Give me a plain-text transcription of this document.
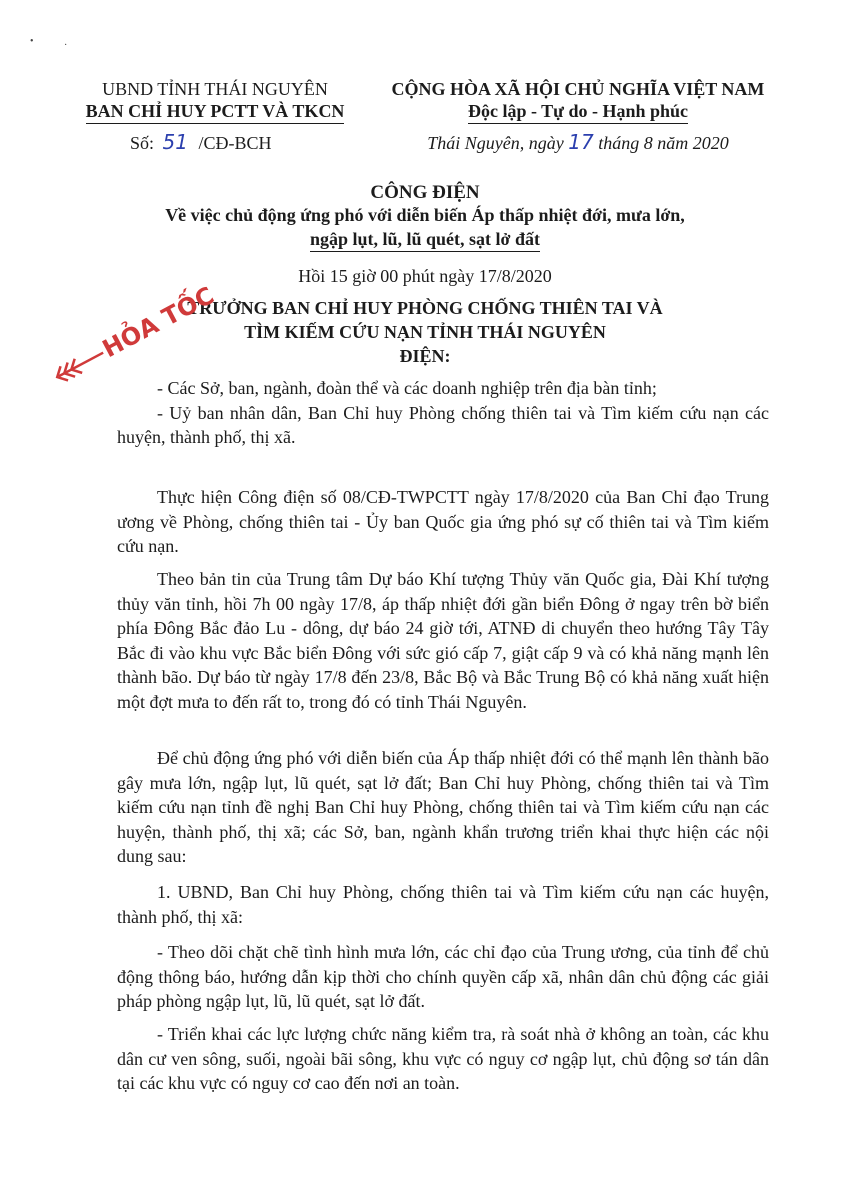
•	·
UBND TỈNH THÁI NGUYÊN
BAN CHỈ HUY PCTT VÀ TKCN
CỘNG HÒA XÃ HỘI CHỦ NGHĨA VIỆT NAM
Độc lập - Tự do - Hạnh phúc
Số: 51 /CĐ-BCH	Thái Nguyên, ngày 17 tháng 8 năm 2020
CÔNG ĐIỆN
Về việc chủ động ứng phó với diễn biến Áp thấp nhiệt đới, mưa lớn,
ngập lụt, lũ, lũ quét, sạt lở đất
Hồi 15 giờ 00 phút ngày 17/8/2020
TRƯỞNG BAN CHỈ HUY PHÒNG CHỐNG THIÊN TAI VÀ
TÌM KIẾM CỨU NẠN TỈNH THÁI NGUYÊN
ĐIỆN:
HỎA TỐC
- Các Sở, ban, ngành, đoàn thể và các doanh nghiệp trên địa bàn tỉnh;
- Uỷ ban nhân dân, Ban Chỉ huy Phòng chống thiên tai và Tìm kiếm cứu nạn các huyện, thành phố, thị xã.
Thực hiện Công điện số 08/CĐ-TWPCTT ngày 17/8/2020 của Ban Chỉ đạo Trung ương về Phòng, chống thiên tai - Ủy ban Quốc gia ứng phó sự cố thiên tai và Tìm kiếm cứu nạn.
Theo bản tin của Trung tâm Dự báo Khí tượng Thủy văn Quốc gia, Đài Khí tượng thủy văn tỉnh, hồi 7h 00 ngày 17/8, áp thấp nhiệt đới gần biển Đông ở ngay trên bờ biển phía Đông Bắc đảo Lu - dông, dự báo 24 giờ tới, ATNĐ di chuyển theo hướng Tây Tây Bắc đi vào khu vực Bắc biển Đông với sức gió cấp 7, giật cấp 9 và có khả năng mạnh lên thành bão. Dự báo từ ngày 17/8 đến 23/8, Bắc Bộ và Bắc Trung Bộ có khả năng xuất hiện một đợt mưa to đến rất to, trong đó có tỉnh Thái Nguyên.
Để chủ động ứng phó với diễn biến của Áp thấp nhiệt đới có thể mạnh lên thành bão gây mưa lớn, ngập lụt, lũ quét, sạt lở đất; Ban Chỉ huy Phòng, chống thiên tai và Tìm kiếm cứu nạn tỉnh đề nghị Ban Chỉ huy Phòng, chống thiên tai và Tìm kiếm cứu nạn các huyện, thành phố, thị xã; các Sở, ban, ngành khẩn trương triển khai thực hiện các nội dung sau:
1. UBND, Ban Chỉ huy Phòng, chống thiên tai và Tìm kiếm cứu nạn các huyện, thành phố, thị xã:
- Theo dõi chặt chẽ tình hình mưa lớn, các chỉ đạo của Trung ương, của tỉnh để chủ động thông báo, hướng dẫn kịp thời cho chính quyền cấp xã, nhân dân chủ động các giải pháp phòng ngập lụt, lũ, lũ quét, sạt lở đất.
- Triển khai các lực lượng chức năng kiểm tra, rà soát nhà ở không an toàn, các khu dân cư ven sông, suối, ngoài bãi sông, khu vực có nguy cơ ngập lụt, chủ động sơ tán dân tại các khu vực có nguy cơ cao đến nơi an toàn.
